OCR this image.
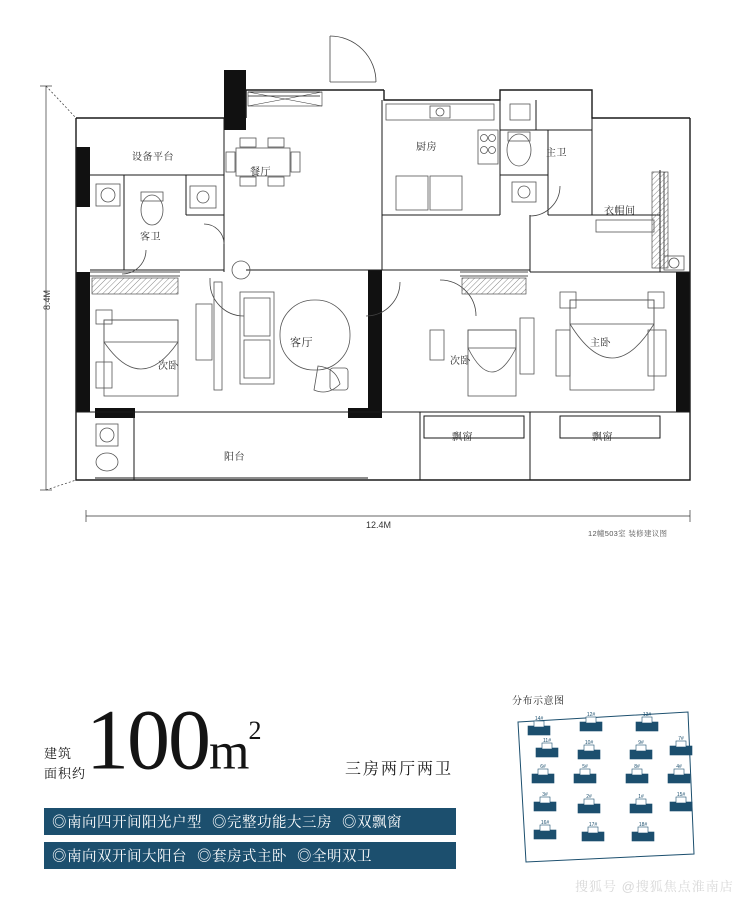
设备平台
餐厅
厨房
主卫
客卫
衣帽间
次卧
客厅
次卧
主卧
阳台
飘窗	飘窗
8.4M
12.4M
12幢503室 装修建议图
建筑
面积约 $100m^2$
三房两厅两卫
◎南向四开间阳光户型 ◎完整功能大三房 ◎双飘窗
◎南向双开间大阳台 ◎套房式主卧 ◎全明双卫
分布示意图
14#
12#	13#
11#	10#	9#
7#
6#	5#	8#	4#
3#	2#	1#	15#
16#	17#	18#
搜狐号 @搜狐焦点淮南店
